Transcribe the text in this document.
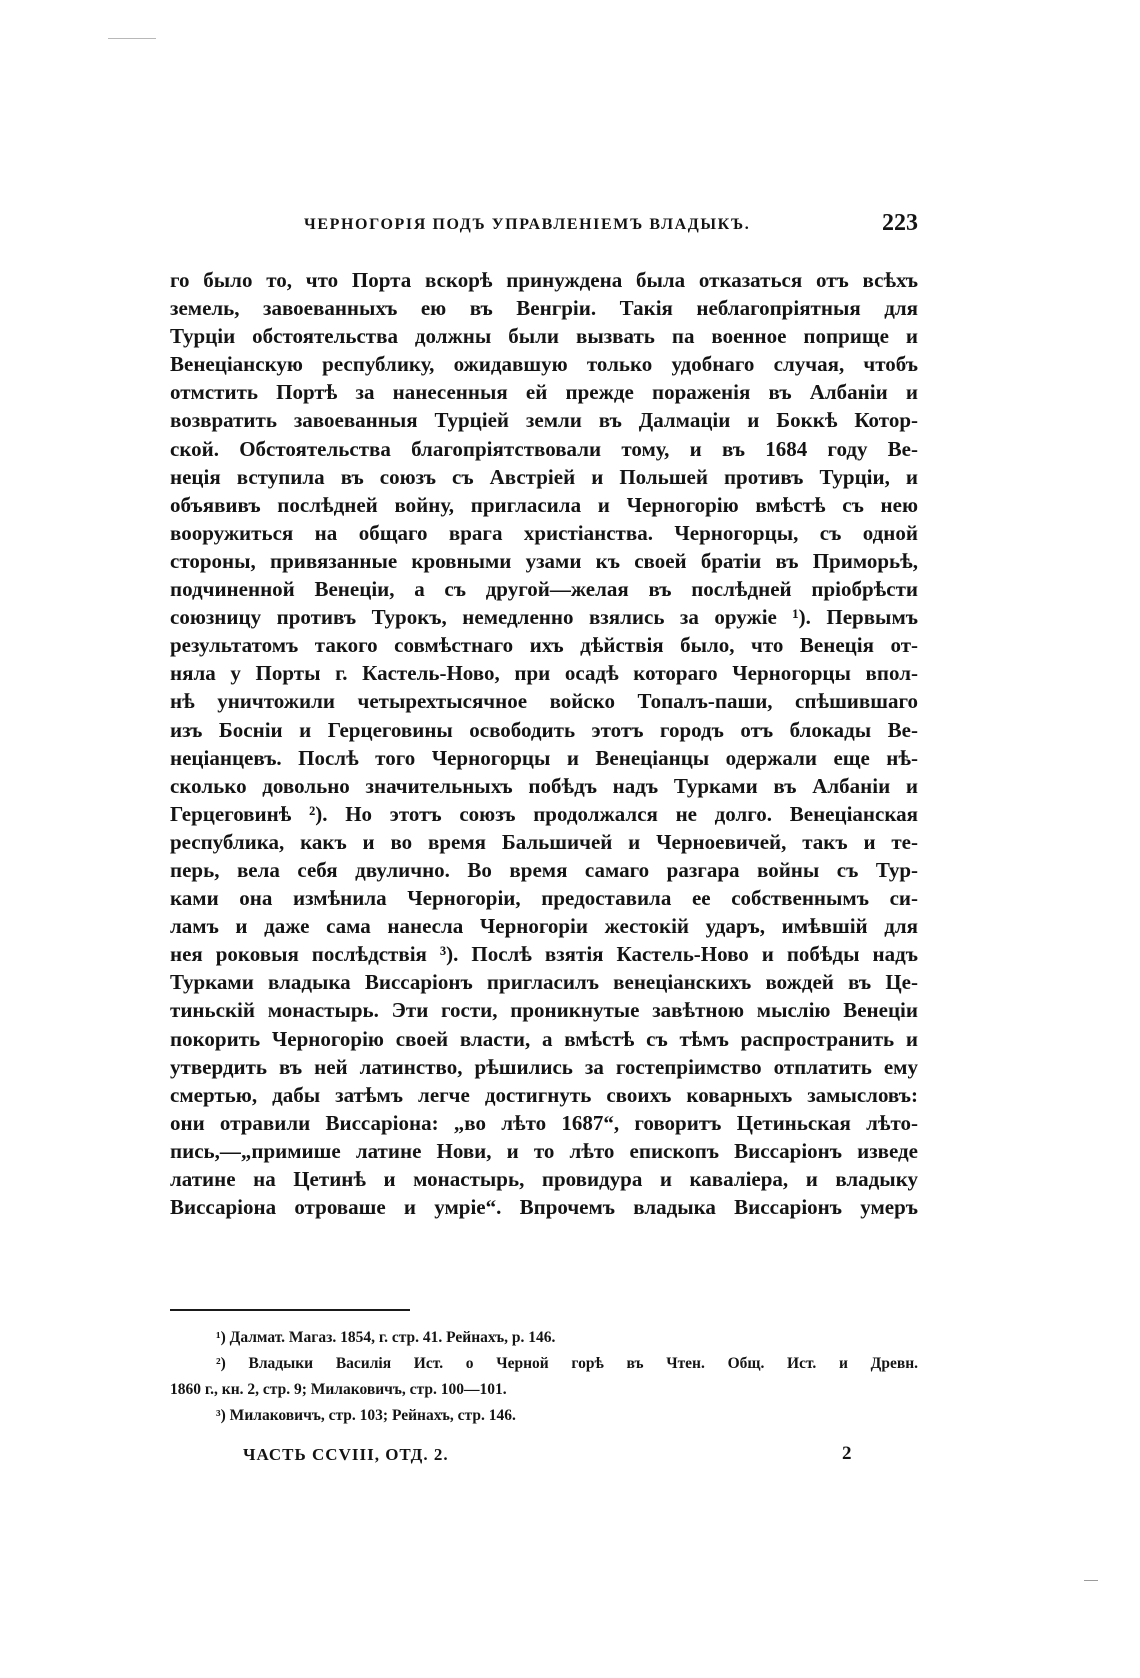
ЧЕРНОГОРІЯ ПОДЪ УПРАВЛЕНІЕМЪ ВЛАДЫКЪ.	223
го было то, что Порта вскорѣ принуждена была отказаться отъ всѣхъ
земель, завоеванныхъ ею въ Венгріи. Такія неблагопріятныя для
Турціи обстоятельства должны были вызвать па военное поприще и
Венеціанскую республику, ожидавшую только удобнаго случая, чтобъ
отмстить Портѣ за нанесенныя ей прежде пораженія въ Албаніи и
возвратить завоеванныя Турціей земли въ Далмаціи и Боккѣ Котор-
ской. Обстоятельства благопріятствовали тому, и въ 1684 году Ве-
неція вступила въ союзъ съ Австріей и Польшей противъ Турціи, и
объявивъ послѣдней войну, пригласила и Черногорію вмѣстѣ съ нею
вооружиться на общаго врага христіанства. Черногорцы, съ одной
стороны, привязанные кровными узами къ своей братіи въ Приморьѣ,
подчиненной Венеціи, а съ другой—желая въ послѣдней пріобрѣсти
союзницу противъ Турокъ, немедленно взялись за оружіе ¹). Первымъ
результатомъ такого совмѣстнаго ихъ дѣйствія было, что Венеція от-
няла у Порты г. Кастель-Ново, при осадѣ котораго Черногорцы впол-
нѣ уничтожили четырехтысячное войско Топалъ-паши, спѣшившаго
изъ Босніи и Герцеговины освободить этотъ городъ отъ блокады Ве-
неціанцевъ. Послѣ того Черногорцы и Венеціанцы одержали еще нѣ-
сколько довольно значительныхъ побѣдъ надъ Турками въ Албаніи и
Герцеговинѣ ²). Но этотъ союзъ продолжался не долго. Венеціанская
республика, какъ и во время Бальшичей и Черноевичей, такъ и те-
перь, вела себя двулично. Во время самаго разгара войны съ Тур-
ками она измѣнила Черногоріи, предоставила ее собственнымъ си-
ламъ и даже сама нанесла Черногоріи жестокій ударъ, имѣвшій для
нея роковыя послѣдствія ³). Послѣ взятія Кастель-Ново и побѣды надъ
Турками владыка Виссаріонъ пригласилъ венеціанскихъ вождей въ Це-
тиньскій монастырь. Эти гости, проникнутые завѣтною мыслію Венеціи
покорить Черногорію своей власти, а вмѣстѣ съ тѣмъ распространить и
утвердить въ ней латинство, рѣшились за гостепріимство отплатить ему
смертью, дабы затѣмъ легче достигнуть своихъ коварныхъ замысловъ:
они отравили Виссаріона: „во лѣто 1687“, говоритъ Цетиньская лѣто-
пись,—„примише латине Нови, и то лѣто епископъ Виссаріонъ изведе
латине на Цетинѣ и монастырь, провидура и кавалiера, и владыку
Виссаріона отроваше и умріе“. Впрочемъ владыка Виссаріонъ умеръ
¹) Далмат. Магаз. 1854, г. стр. 41. Рейнахъ, p. 146.
²) Владыки Василія Ист. о Черной горѣ въ Чтен. Общ. Ист. и Древн.
1860 г., кн. 2, стр. 9; Милаковичъ, стр. 100—101.
³) Милаковичъ, стр. 103; Рейнахъ, стр. 146.
ЧАСТЬ CCVIII, ОТД. 2.	2
